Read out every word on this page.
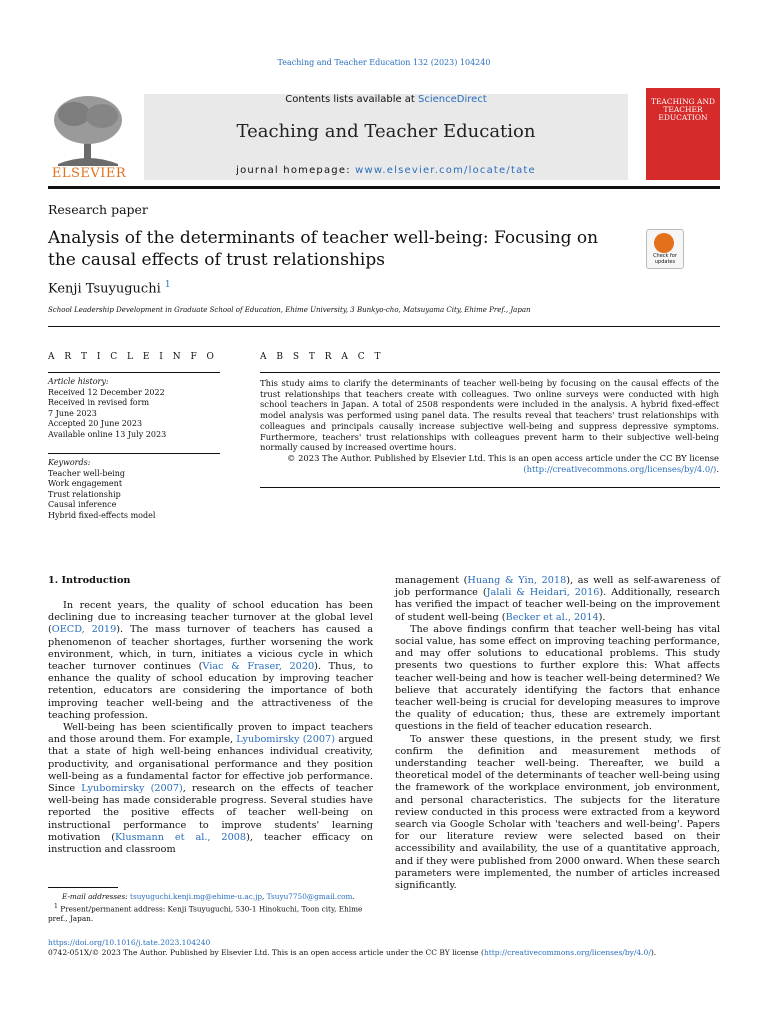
Teaching and Teacher Education 132 (2023) 104240
ELSEVIER
Contents lists available at ScienceDirect
Teaching and Teacher Education
journal homepage: www.elsevier.com/locate/tate
TEACHING AND TEACHER EDUCATION
Research paper
Analysis of the determinants of teacher well-being: Focusing on the causal effects of trust relationships	Check for updates
Kenji Tsuyuguchi $^1$
School Leadership Development in Graduate School of Education, Ehime University, 3 Bunkyo-cho, Matsuyama City, Ehime Pref., Japan
A R T I C L E I N F O
Article history:
Received 12 December 2022
Received in revised form
7 June 2023
Accepted 20 June 2023
Available online 13 July 2023
Keywords:
Teacher well-being
Work engagement
Trust relationship
Causal inference
Hybrid fixed-effects model
A B S T R A C T
This study aims to clarify the determinants of teacher well-being by focusing on the causal effects of the trust relationships that teachers create with colleagues. Two online surveys were conducted with high school teachers in Japan. A total of 2508 respondents were included in the analysis. A hybrid fixed-effect model analysis was performed using panel data. The results reveal that teachers' trust relationships with colleagues and principals causally increase subjective well-being and suppress depressive symptoms. Furthermore, teachers' trust relationships with colleagues prevent harm to their subjective well-being normally caused by increased overtime hours.
© 2023 The Author. Published by Elsevier Ltd. This is an open access article under the CC BY license (http://creativecommons.org/licenses/by/4.0/).
1. Introduction

In recent years, the quality of school education has been declining due to increasing teacher turnover at the global level (OECD, 2019). The mass turnover of teachers has caused a phenomenon of teacher shortages, further worsening the work environment, which, in turn, initiates a vicious cycle in which teacher turnover continues (Viac & Fraser, 2020). Thus, to enhance the quality of school education by improving teacher retention, educators are considering the importance of both improving teacher well-being and the attractiveness of the teaching profession.

Well-being has been scientifically proven to impact teachers and those around them. For example, Lyubomirsky (2007) argued that a state of high well-being enhances individual creativity, productivity, and organisational performance and they position well-being as a fundamental factor for effective job performance. Since Lyubomirsky (2007), research on the effects of teacher well-being has made considerable progress. Several studies have reported the positive effects of teacher well-being on instructional performance to improve students' learning motivation (Klusmann et al., 2008), teacher efficacy on instruction and classroom

management (Huang & Yin, 2018), as well as self-awareness of job performance (Jalali & Heidari, 2016). Additionally, research has verified the impact of teacher well-being on the improvement of student well-being (Becker et al., 2014).

The above findings confirm that teacher well-being has vital social value, has some effect on improving teaching performance, and may offer solutions to educational problems. This study presents two questions to further explore this: What affects teacher well-being and how is teacher well-being determined? We believe that accurately identifying the factors that enhance teacher well-being is crucial for developing measures to improve the quality of education; thus, these are extremely important questions in the field of teacher education research.

To answer these questions, in the present study, we first confirm the definition and measurement methods of understanding teacher well-being. Thereafter, we build a theoretical model of the determinants of teacher well-being using the framework of the workplace environment, job environment, and personal characteristics. The subjects for the literature review conducted in this process were extracted from a keyword search via Google Scholar with 'teachers and well-being'. Papers for our literature review were selected based on their accessibility and availability, the use of a quantitative approach, and if they were published from 2000 onward. When these search parameters were implemented, the number of articles increased significantly.

E-mail addresses: tsuyuguchi.kenji.mg@ehime-u.ac.jp, Tsuyu7750@gmail.com.
$^1$ Present/permanent address: Kenji Tsuyuguchi, 530-1 Hinokuchi, Toon city, Ehime pref., Japan.
https://doi.org/10.1016/j.tate.2023.104240
0742-051X/© 2023 The Author. Published by Elsevier Ltd. This is an open access article under the CC BY license (http://creativecommons.org/licenses/by/4.0/).
